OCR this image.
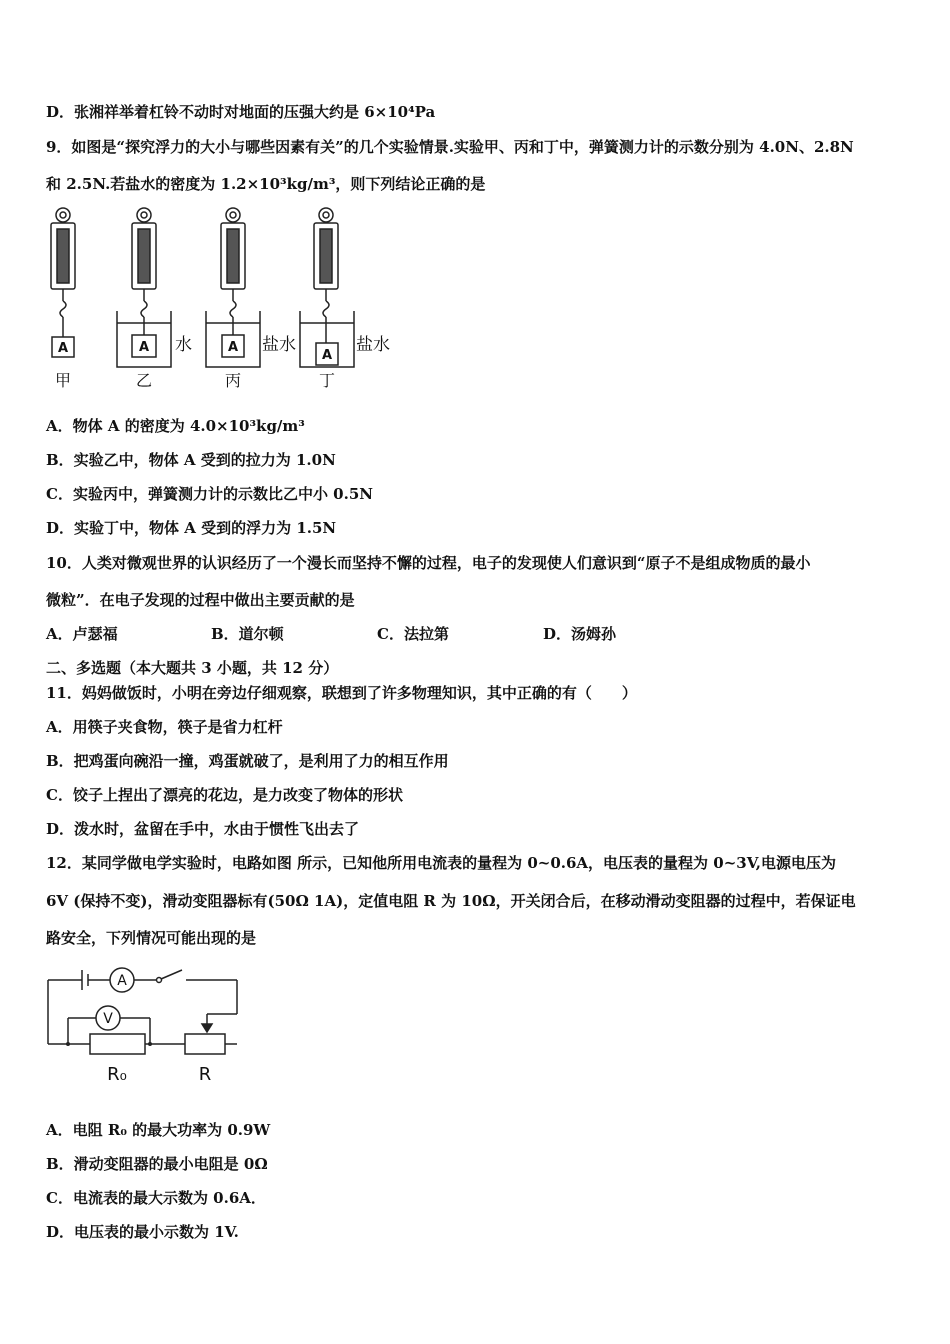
D．张湘祥举着杠铃不动时对地面的压强大约是 6×10⁴Pa
9．如图是“探究浮力的大小与哪些因素有关”的几个实验情景.实验甲、丙和丁中，弹簧测力计的示数分别为 4.0N、2.8N
和 2.5N.若盐水的密度为 1.2×10³kg/m³，则下列结论正确的是
A	A	A
A
水	盐水	盐水
甲	乙	丙	丁
A．物体 A 的密度为 4.0×10³kg/m³
B．实验乙中，物体 A 受到的拉力为 1.0N
C．实验丙中，弹簧测力计的示数比乙中小 0.5N
D．实验丁中，物体 A 受到的浮力为 1.5N
10．人类对微观世界的认识经历了一个漫长而坚持不懈的过程，电子的发现使人们意识到“原子不是组成物质的最小
微粒”．在电子发现的过程中做出主要贡献的是
A．卢瑟福	B．道尔顿	C．法拉第	D．汤姆孙
二、多选题（本大题共 3 小题，共 12 分）
11．妈妈做饭时，小明在旁边仔细观察，联想到了许多物理知识，其中正确的有（　　）
A．用筷子夹食物，筷子是省力杠杆
B．把鸡蛋向碗沿一撞，鸡蛋就破了，是利用了力的相互作用
C．饺子上捏出了漂亮的花边，是力改变了物体的形状
D．泼水时，盆留在手中，水由于惯性飞出去了
12．某同学做电学实验时，电路如图 所示，已知他所用电流表的量程为 0~0.6A，电压表的量程为 0~3V,电源电压为
6V (保持不变)，滑动变阻器标有(50Ω 1A)，定值电阻 R 为 10Ω，开关闭合后，在移动滑动变阻器的过程中，若保证电
路安全，下列情况可能出现的是
A
V
R₀	R
A．电阻 R₀ 的最大功率为 0.9W
B．滑动变阻器的最小电阻是 0Ω
C．电流表的最大示数为 0.6A．
D．电压表的最小示数为 1V.
